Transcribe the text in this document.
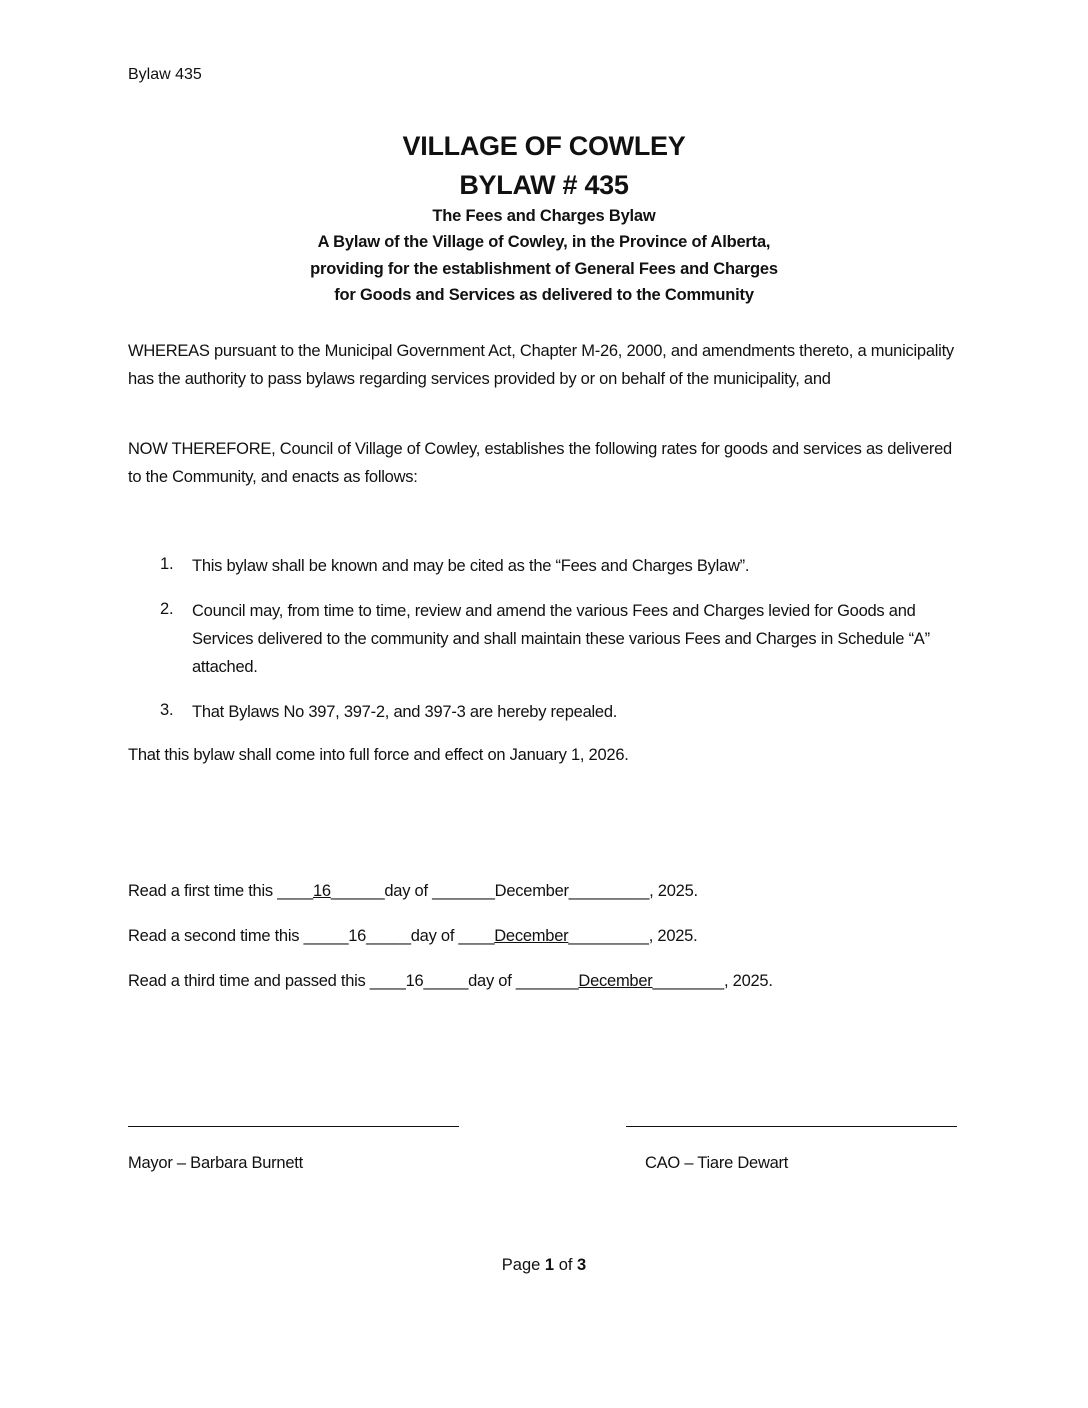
Bylaw 435
VILLAGE OF COWLEY
BYLAW # 435
The Fees and Charges Bylaw
A Bylaw of the Village of Cowley, in the Province of Alberta,
providing for the establishment of General Fees and Charges
for Goods and Services as delivered to the Community
WHEREAS pursuant to the Municipal Government Act, Chapter M-26, 2000, and amendments thereto, a municipality has the authority to pass bylaws regarding services provided by or on behalf of the municipality, and
NOW THEREFORE, Council of Village of Cowley, establishes the following rates for goods and services as delivered to the Community, and enacts as follows:
1. This bylaw shall be known and may be cited as the “Fees and Charges Bylaw”.
2. Council may, from time to time, review and amend the various Fees and Charges levied for Goods and Services delivered to the community and shall maintain these various Fees and Charges in Schedule “A” attached.
3. That Bylaws No 397, 397-2, and 397-3 are hereby repealed.
That this bylaw shall come into full force and effect on January 1, 2026.
Read a first time this ____16______day of _______December_________, 2025.
Read a second time this _____16_____day of ____December_________, 2025.
Read a third time and passed this ____16_____day of _______December________, 2025.
Mayor – Barbara Burnett	CAO – Tiare Dewart
Page 1 of 3
